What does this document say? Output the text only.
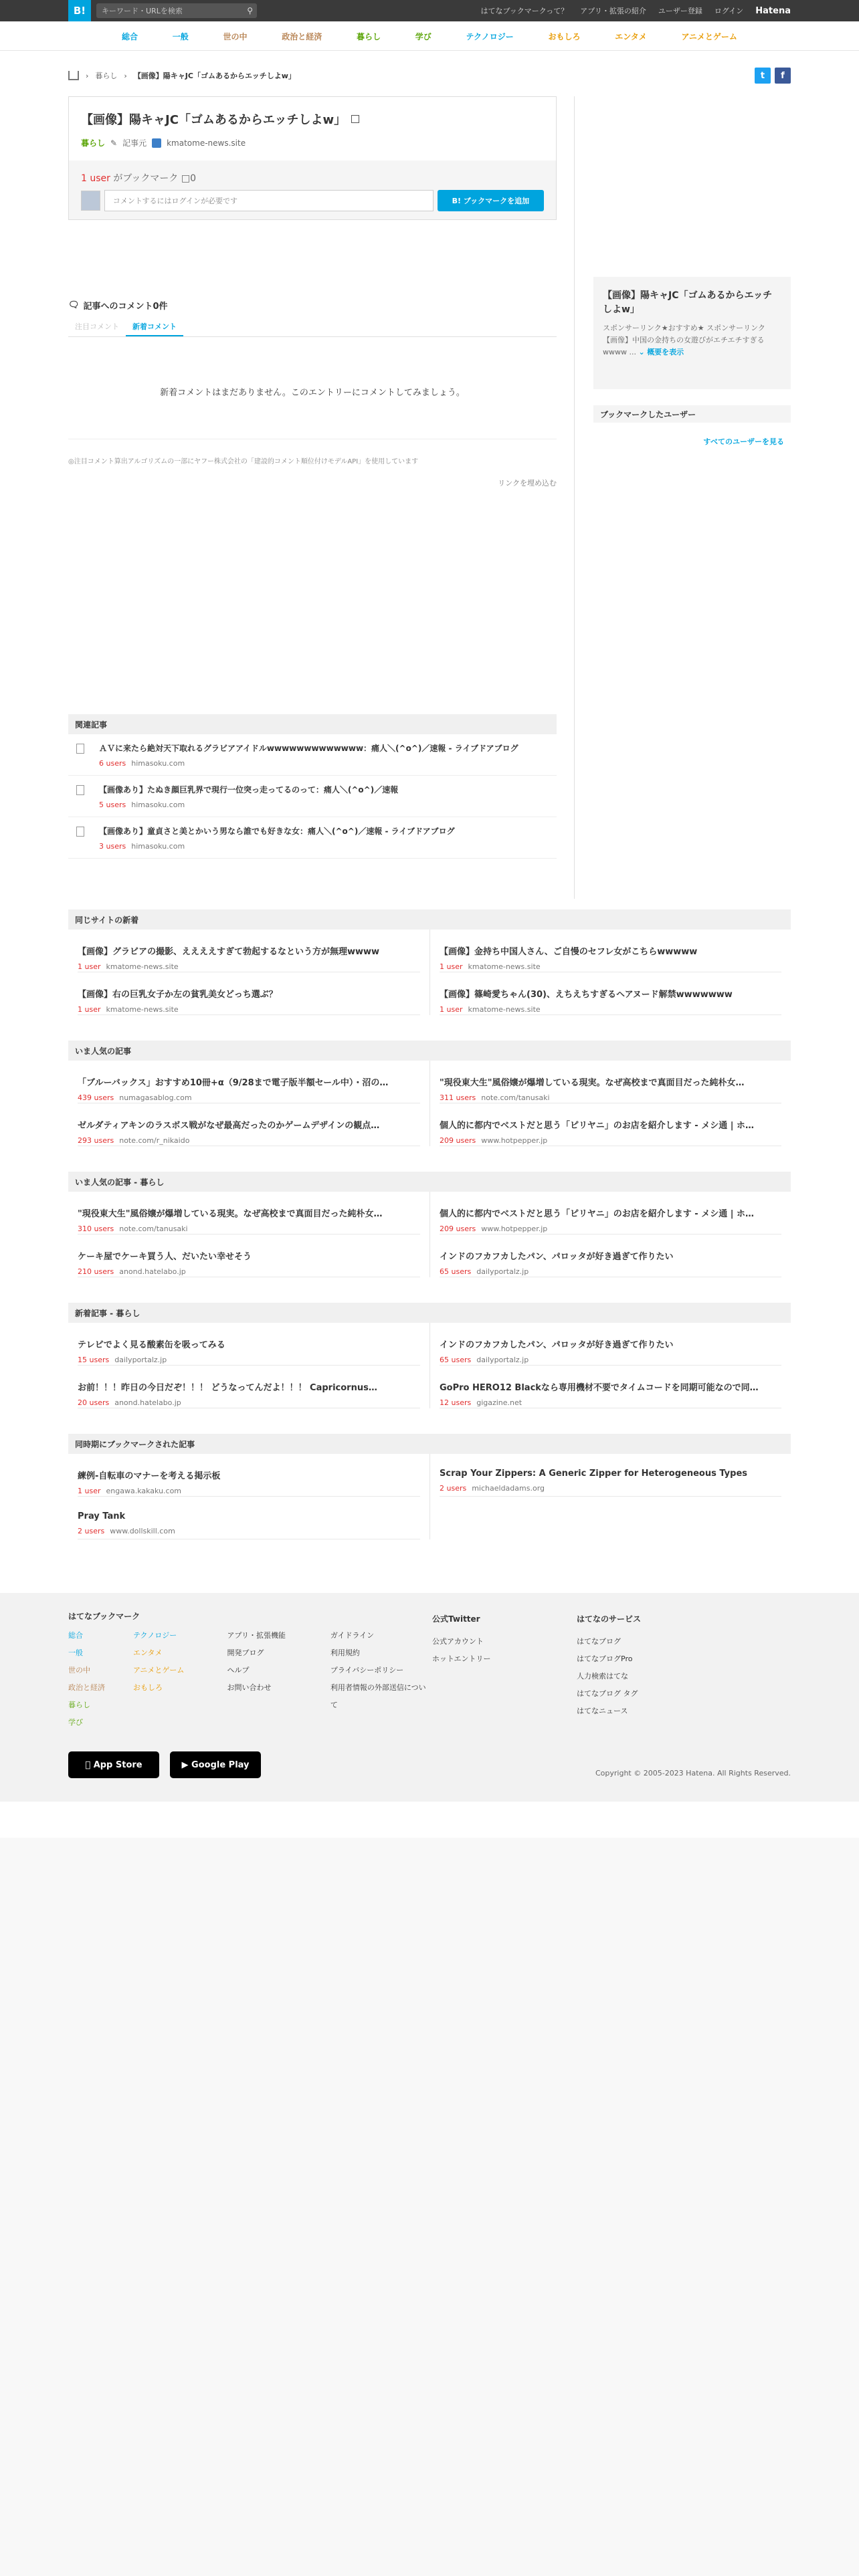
B!	キーワード・URLを検索	⚲	はてなブックマークって？ アプリ・拡張の紹介 ユーザー登録 ログイン Hatena
総合	一般	世の中	政治と経済	暮らし	学び	テクノロジー	おもしろ	エンタメ	アニメとゲーム
› 暮らし › 【画像】陽キャJC「ゴムあるからエッチしよw」	t	f
【画像】陽キャJC「ゴムあるからエッチしよw」
暮らし ✎ 記事元	kmatome-news.site
1 user がブックマーク □0
コメントするにはログインが必要です	B! ブックマークを追加
🗨 記事へのコメント0件
注目コメント	新着コメント
新着コメントはまだありません。このエントリーにコメントしてみましょう。
◎注目コメント算出アルゴリズムの一部にヤフー株式会社の「建設的コメント順位付けモデルAPI」を使用しています
リンクを埋め込む
関連記事
ＡＶに来たら絶対天下取れるグラビアアイドルwwwwwwwwwwwww：痛人＼(^o^)／速報 - ライブドアブログ
6 users himasoku.com
【画像あり】たぬき顔巨乳界で現行一位突っ走ってるのって：痛人＼(^o^)／速報
5 users himasoku.com
【画像あり】童貞さと美とかいう男なら誰でも好きな女：痛人＼(^o^)／速報 - ライブドアブログ
3 users himasoku.com
【画像】陽キャJC「ゴムあるからエッチしよw」
スポンサーリンク★おすすめ★ スポンサーリンク 【画像】中国の金持ちの女遊びがエチエチすぎるwwww ... ⌄ 概要を表示
ブックマークしたユーザー
すべてのユーザーを見る
同じサイトの新着
【画像】グラビアの撮影、ええええすぎて勃起するなという方が無理wwww
1 user kmatome-news.site
【画像】右の巨乳女子か左の貧乳美女どっち選ぶ？
1 user kmatome-news.site
【画像】金持ち中国人さん、ご自慢のセフレ女がこちらwwwww
1 user kmatome-news.site
【画像】篠崎愛ちゃん(30)、えちえちすぎるヘアヌード解禁wwwwwww
1 user kmatome-news.site
いま人気の記事
「ブルーバックス」おすすめ10冊+α（9/28まで電子版半額セール中）・沼の…
439 users numagasablog.com
ゼルダティアキンのラスボス戦がなぜ最高だったのかゲームデザインの観点…
293 users note.com/r_nikaido
"現役東大生"風俗嬢が爆増している現実。なぜ高校まで真面目だった純朴女…
311 users note.com/tanusaki
個人的に都内でベストだと思う「ピリヤニ」のお店を紹介します - メシ通 | ホ…
209 users www.hotpepper.jp
いま人気の記事 - 暮らし
"現役東大生"風俗嬢が爆増している現実。なぜ高校まで真面目だった純朴女…
310 users note.com/tanusaki
ケーキ屋でケーキ買う人、だいたい幸せそう
210 users anond.hatelabo.jp
個人的に都内でベストだと思う「ピリヤニ」のお店を紹介します - メシ通 | ホ…
209 users www.hotpepper.jp
インドのフカフカしたパン、パロッタが好き過ぎて作りたい
65 users dailyportalz.jp
新着記事 - 暮らし
テレビでよく見る酸素缶を吸ってみる
15 users dailyportalz.jp
お前！！！昨日の今日だぞ！！！ どうなってんだよ！！！ Capricornus…
20 users anond.hatelabo.jp
インドのフカフカしたパン、パロッタが好き過ぎて作りたい
65 users dailyportalz.jp
GoPro HERO12 Blackなら専用機材不要でタイムコードを同期可能なので同…
12 users gigazine.net
同時期にブックマークされた記事
練例-自転車のマナーを考える掲示板
1 user engawa.kakaku.com
Pray Tank
2 users www.dollskill.com
Scrap Your Zippers: A Generic Zipper for Heterogeneous Types
2 users michaeldadams.org
はてなブックマーク
総合
一般
世の中
政治と経済
暮らし
学び
テクノロジー
エンタメ
アニメとゲーム
おもしろ
アプリ・拡張機能
開発ブログ
ヘルプ
お問い合わせ
ガイドライン
利用規約
プライバシーポリシー
利用者情報の外部送信について
公式Twitter
公式アカウント
ホットエントリー
はてなのサービス
はてなブログ
はてなブログPro
人力検索はてな
はてなブログ タグ
はてなニュース
App Store	▶ Google Play
Copyright © 2005-2023 Hatena. All Rights Reserved.
